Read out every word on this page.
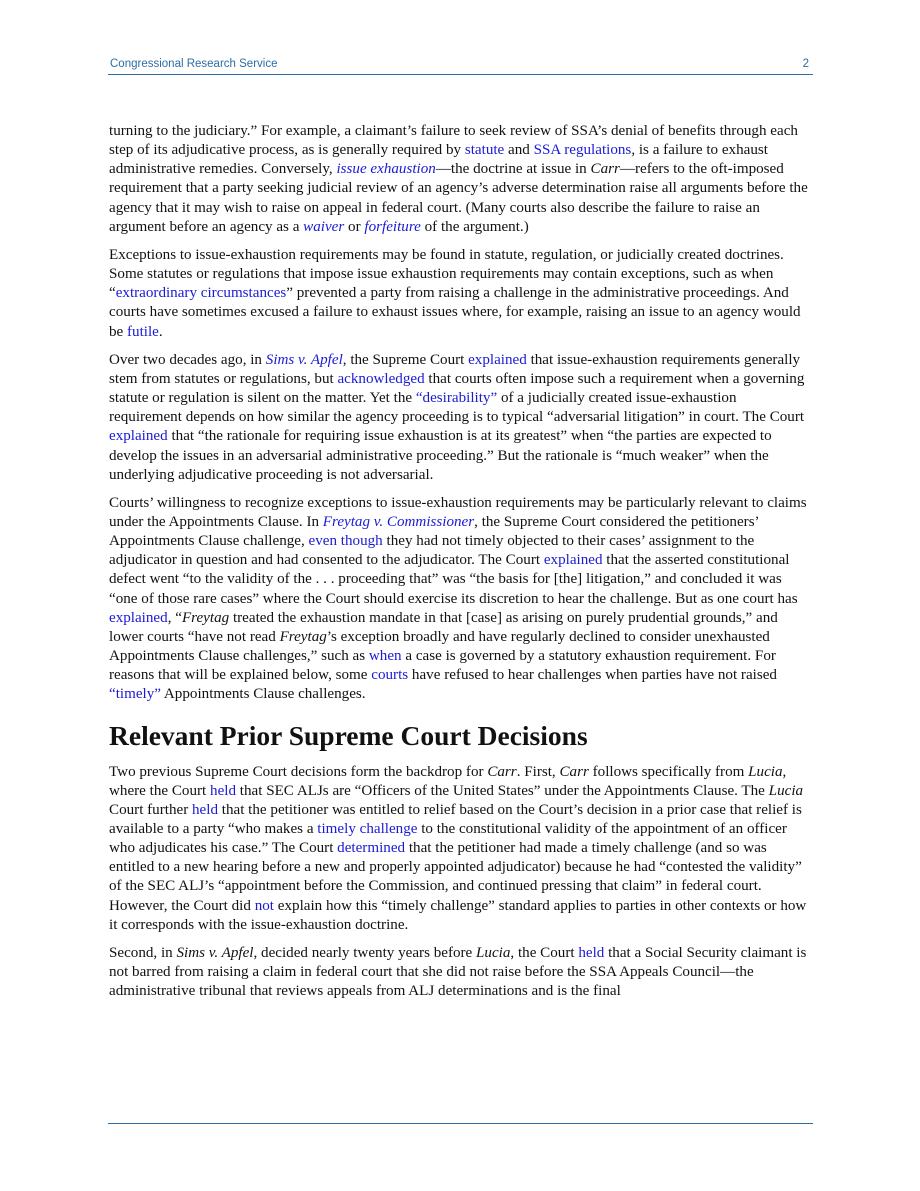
Congressional Research Service	2

turning to the judiciary.” For example, a claimant’s failure to seek review of SSA’s denial of benefits through each step of its adjudicative process, as is generally required by statute and SSA regulations, is a failure to exhaust administrative remedies. Conversely, issue exhaustion—the doctrine at issue in Carr—refers to the oft-imposed requirement that a party seeking judicial review of an agency’s adverse determination raise all arguments before the agency that it may wish to raise on appeal in federal court. (Many courts also describe the failure to raise an argument before an agency as a waiver or forfeiture of the argument.)

Exceptions to issue-exhaustion requirements may be found in statute, regulation, or judicially created doctrines. Some statutes or regulations that impose issue exhaustion requirements may contain exceptions, such as when “extraordinary circumstances” prevented a party from raising a challenge in the administrative proceedings. And courts have sometimes excused a failure to exhaust issues where, for example, raising an issue to an agency would be futile.

Over two decades ago, in Sims v. Apfel, the Supreme Court explained that issue-exhaustion requirements generally stem from statutes or regulations, but acknowledged that courts often impose such a requirement when a governing statute or regulation is silent on the matter. Yet the “desirability” of a judicially created issue-exhaustion requirement depends on how similar the agency proceeding is to typical “adversarial litigation” in court. The Court explained that “the rationale for requiring issue exhaustion is at its greatest” when “the parties are expected to develop the issues in an adversarial administrative proceeding.” But the rationale is “much weaker” when the underlying adjudicative proceeding is not adversarial.

Courts’ willingness to recognize exceptions to issue-exhaustion requirements may be particularly relevant to claims under the Appointments Clause. In Freytag v. Commissioner, the Supreme Court considered the petitioners’ Appointments Clause challenge, even though they had not timely objected to their cases’ assignment to the adjudicator in question and had consented to the adjudicator. The Court explained that the asserted constitutional defect went “to the validity of the . . . proceeding that” was “the basis for [the] litigation,” and concluded it was “one of those rare cases” where the Court should exercise its discretion to hear the challenge. But as one court has explained, “Freytag treated the exhaustion mandate in that [case] as arising on purely prudential grounds,” and lower courts “have not read Freytag’s exception broadly and have regularly declined to consider unexhausted Appointments Clause challenges,” such as when a case is governed by a statutory exhaustion requirement. For reasons that will be explained below, some courts have refused to hear challenges when parties have not raised “timely” Appointments Clause challenges.

Relevant Prior Supreme Court Decisions

Two previous Supreme Court decisions form the backdrop for Carr. First, Carr follows specifically from Lucia, where the Court held that SEC ALJs are “Officers of the United States” under the Appointments Clause. The Lucia Court further held that the petitioner was entitled to relief based on the Court’s decision in a prior case that relief is available to a party “who makes a timely challenge to the constitutional validity of the appointment of an officer who adjudicates his case.” The Court determined that the petitioner had made a timely challenge (and so was entitled to a new hearing before a new and properly appointed adjudicator) because he had “contested the validity” of the SEC ALJ’s “appointment before the Commission, and continued pressing that claim” in federal court. However, the Court did not explain how this “timely challenge” standard applies to parties in other contexts or how it corresponds with the issue-exhaustion doctrine.

Second, in Sims v. Apfel, decided nearly twenty years before Lucia, the Court held that a Social Security claimant is not barred from raising a claim in federal court that she did not raise before the SSA Appeals Council—the administrative tribunal that reviews appeals from ALJ determinations and is the final
